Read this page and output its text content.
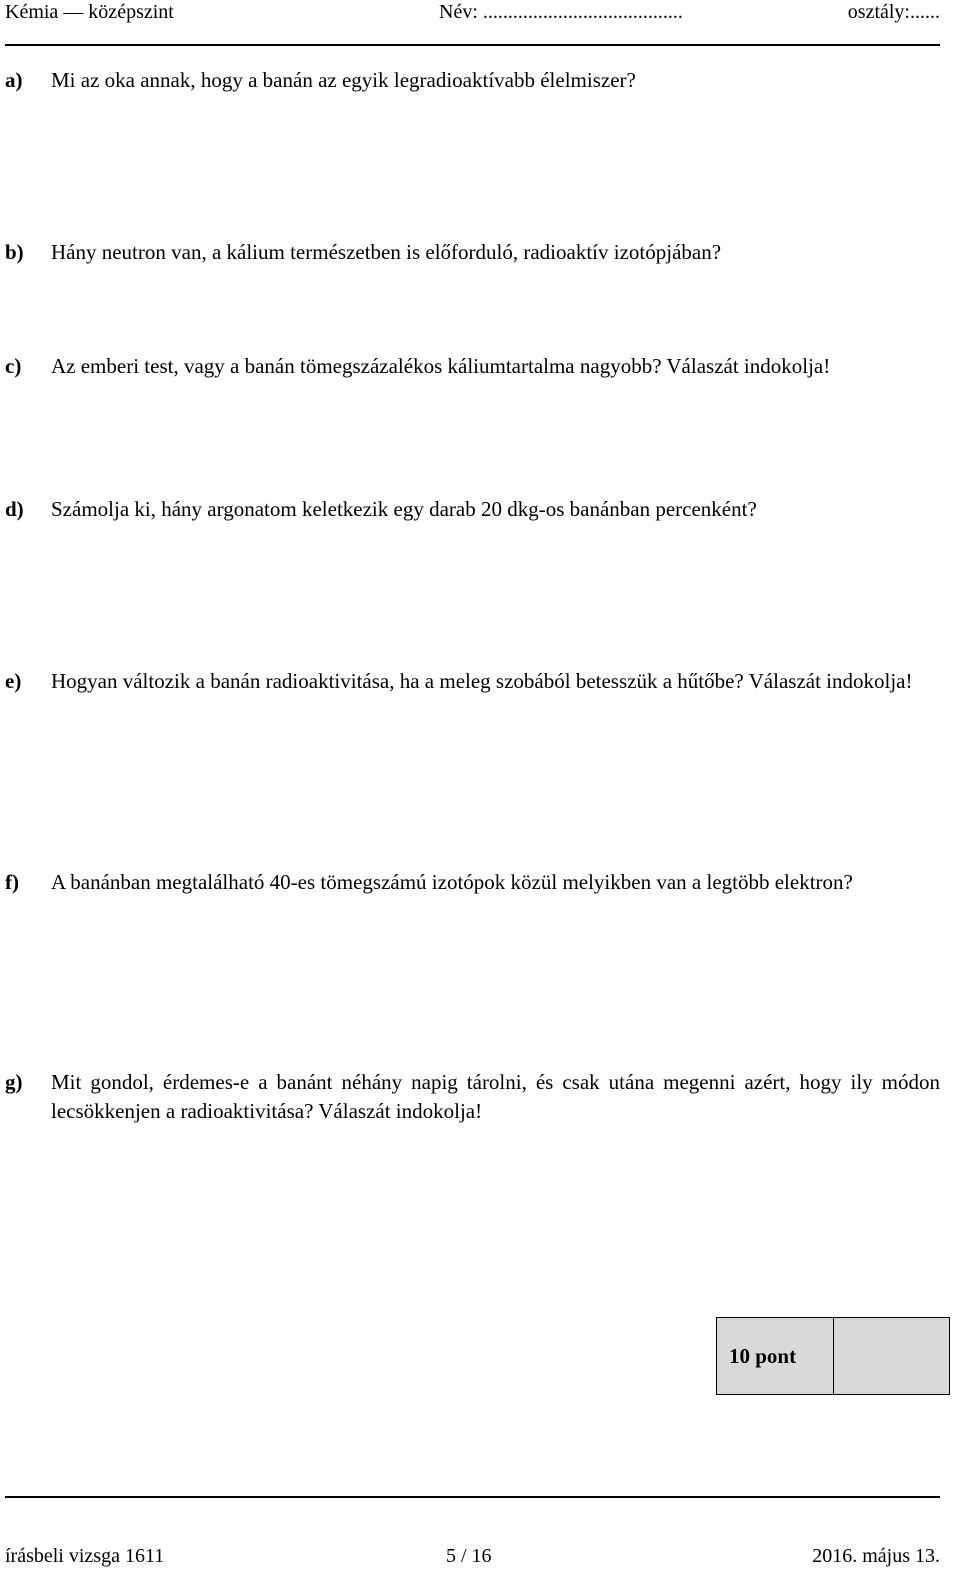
Kémia — középszint	Név: ........................................	osztály:......
a) Mi az oka annak, hogy a banán az egyik legradioaktívabb élelmiszer?
b) Hány neutron van, a kálium természetben is előforduló, radioaktív izotópjában?
c) Az emberi test, vagy a banán tömegszázalékos káliumtartalma nagyobb? Válaszát indokolja!
d) Számolja ki, hány argonatom keletkezik egy darab 20 dkg-os banánban percenként?
e) Hogyan változik a banán radioaktivitása, ha a meleg szobából betesszük a hűtőbe? Válaszát indokolja!
f) A banánban megtalálható 40-es tömegszámú izotópok közül melyikben van a legtöbb elektron?
g) Mit gondol, érdemes-e a banánt néhány napig tárolni, és csak utána megenni azért, hogy ily módon lecsökkenjen a radioaktivitása? Válaszát indokolja!
10 pont
írásbeli vizsga 1611	5 / 16	2016. május 13.
